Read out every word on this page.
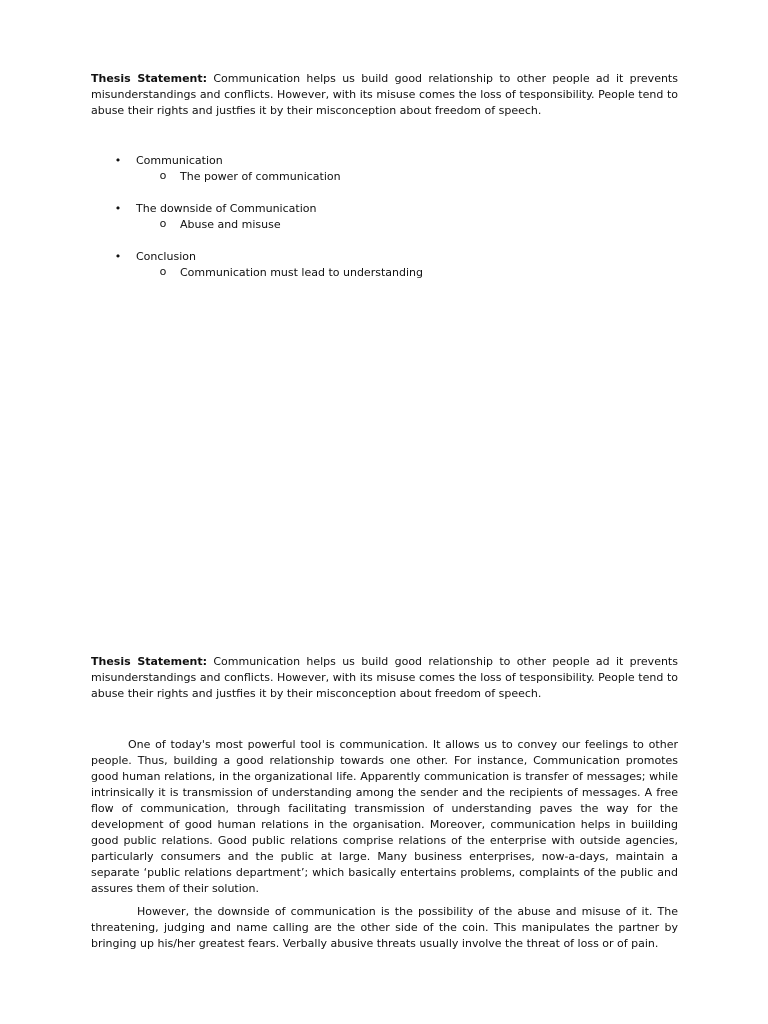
Thesis Statement: Communication helps us build good relationship to other people ad it prevents misunderstandings and conflicts. However, with its misuse comes the loss of tesponsibility. People tend to abuse their rights and justfies it by their misconception about freedom of speech.
• Communication
o The power of communication
• The downside of Communication
o Abuse and misuse
• Conclusion
o Communication must lead to understanding
Thesis Statement: Communication helps us build good relationship to other people ad it prevents misunderstandings and conflicts. However, with its misuse comes the loss of tesponsibility. People tend to abuse their rights and justfies it by their misconception about freedom of speech.
One of today's most powerful tool is communication. It allows us to convey our feelings to other people. Thus, building a good relationship towards one other. For instance, Communication promotes good human relations, in the organizational life. Apparently communication is transfer of messages; while intrinsically it is transmission of understanding among the sender and the recipients of messages. A free flow of communication, through facilitating transmission of understanding paves the way for the development of good human relations in the organisation. Moreover, communication helps in buiilding good public relations. Good public relations comprise relations of the enterprise with outside agencies, particularly consumers and the public at large. Many business enterprises, now-a-days, maintain a separate ‘public relations department’; which basically entertains problems, complaints of the public and assures them of their solution.
However, the downside of communication is the possibility of the abuse and misuse of it. The threatening, judging and name calling are the other side of the coin. This manipulates the partner by bringing up his/her greatest fears. Verbally abusive threats usually involve the threat of loss or of pain.
